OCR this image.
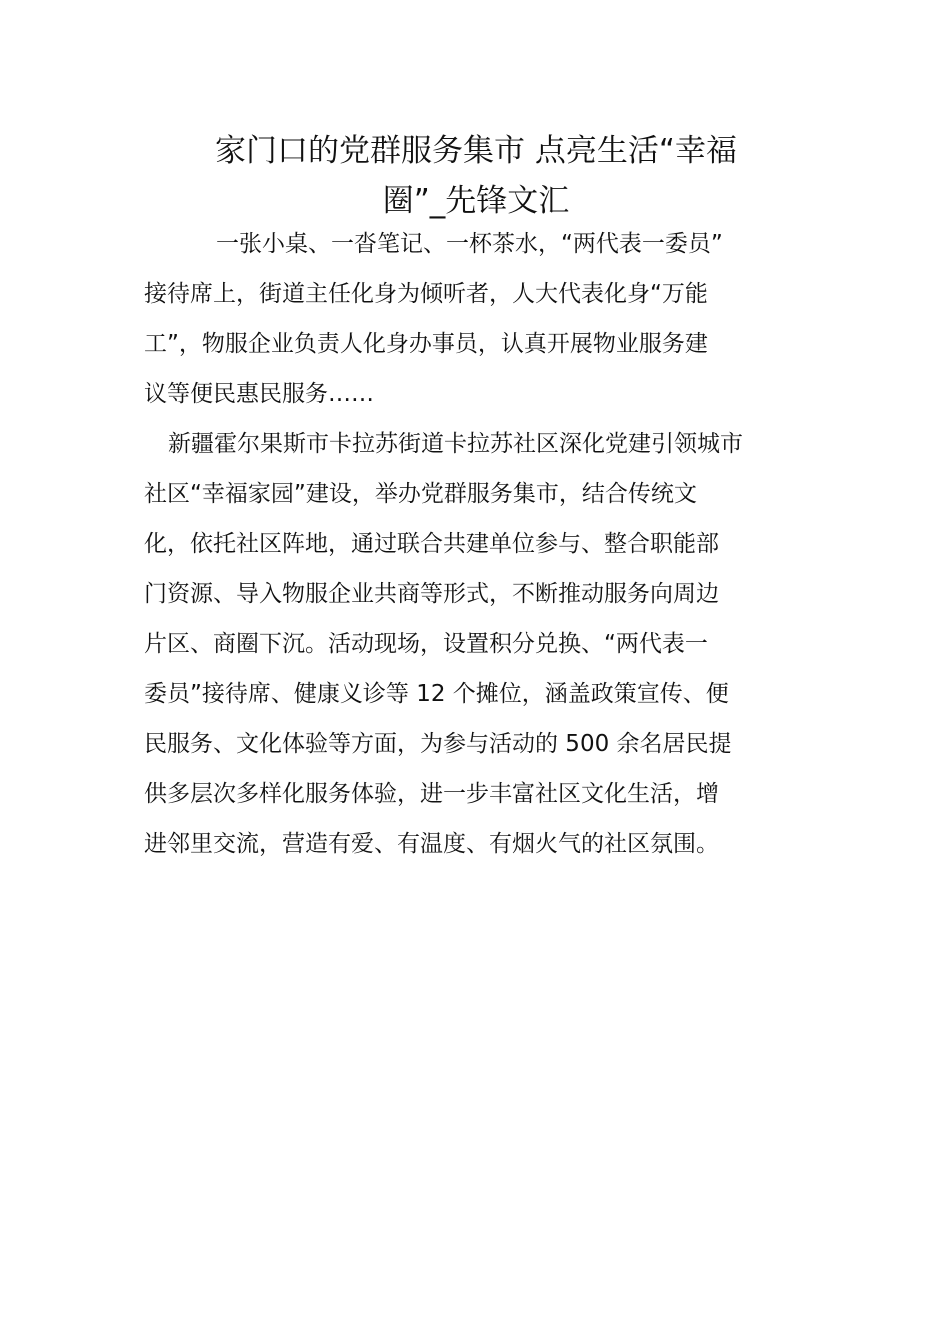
家门口的党群服务集市 点亮生活“幸福
圈”_先锋文汇

一张小桌、一沓笔记、一杯茶水，“两代表一委员”
接待席上，街道主任化身为倾听者，人大代表化身“万能
工”，物服企业负责人化身办事员，认真开展物业服务建
议等便民惠民服务……

新疆霍尔果斯市卡拉苏街道卡拉苏社区深化党建引领城市
社区“幸福家园”建设，举办党群服务集市，结合传统文
化，依托社区阵地，通过联合共建单位参与、整合职能部
门资源、导入物服企业共商等形式，不断推动服务向周边
片区、商圈下沉。活动现场，设置积分兑换、“两代表一
委员”接待席、健康义诊等 12 个摊位，涵盖政策宣传、便
民服务、文化体验等方面，为参与活动的 500 余名居民提
供多层次多样化服务体验，进一步丰富社区文化生活，增
进邻里交流，营造有爱、有温度、有烟火气的社区氛围。
